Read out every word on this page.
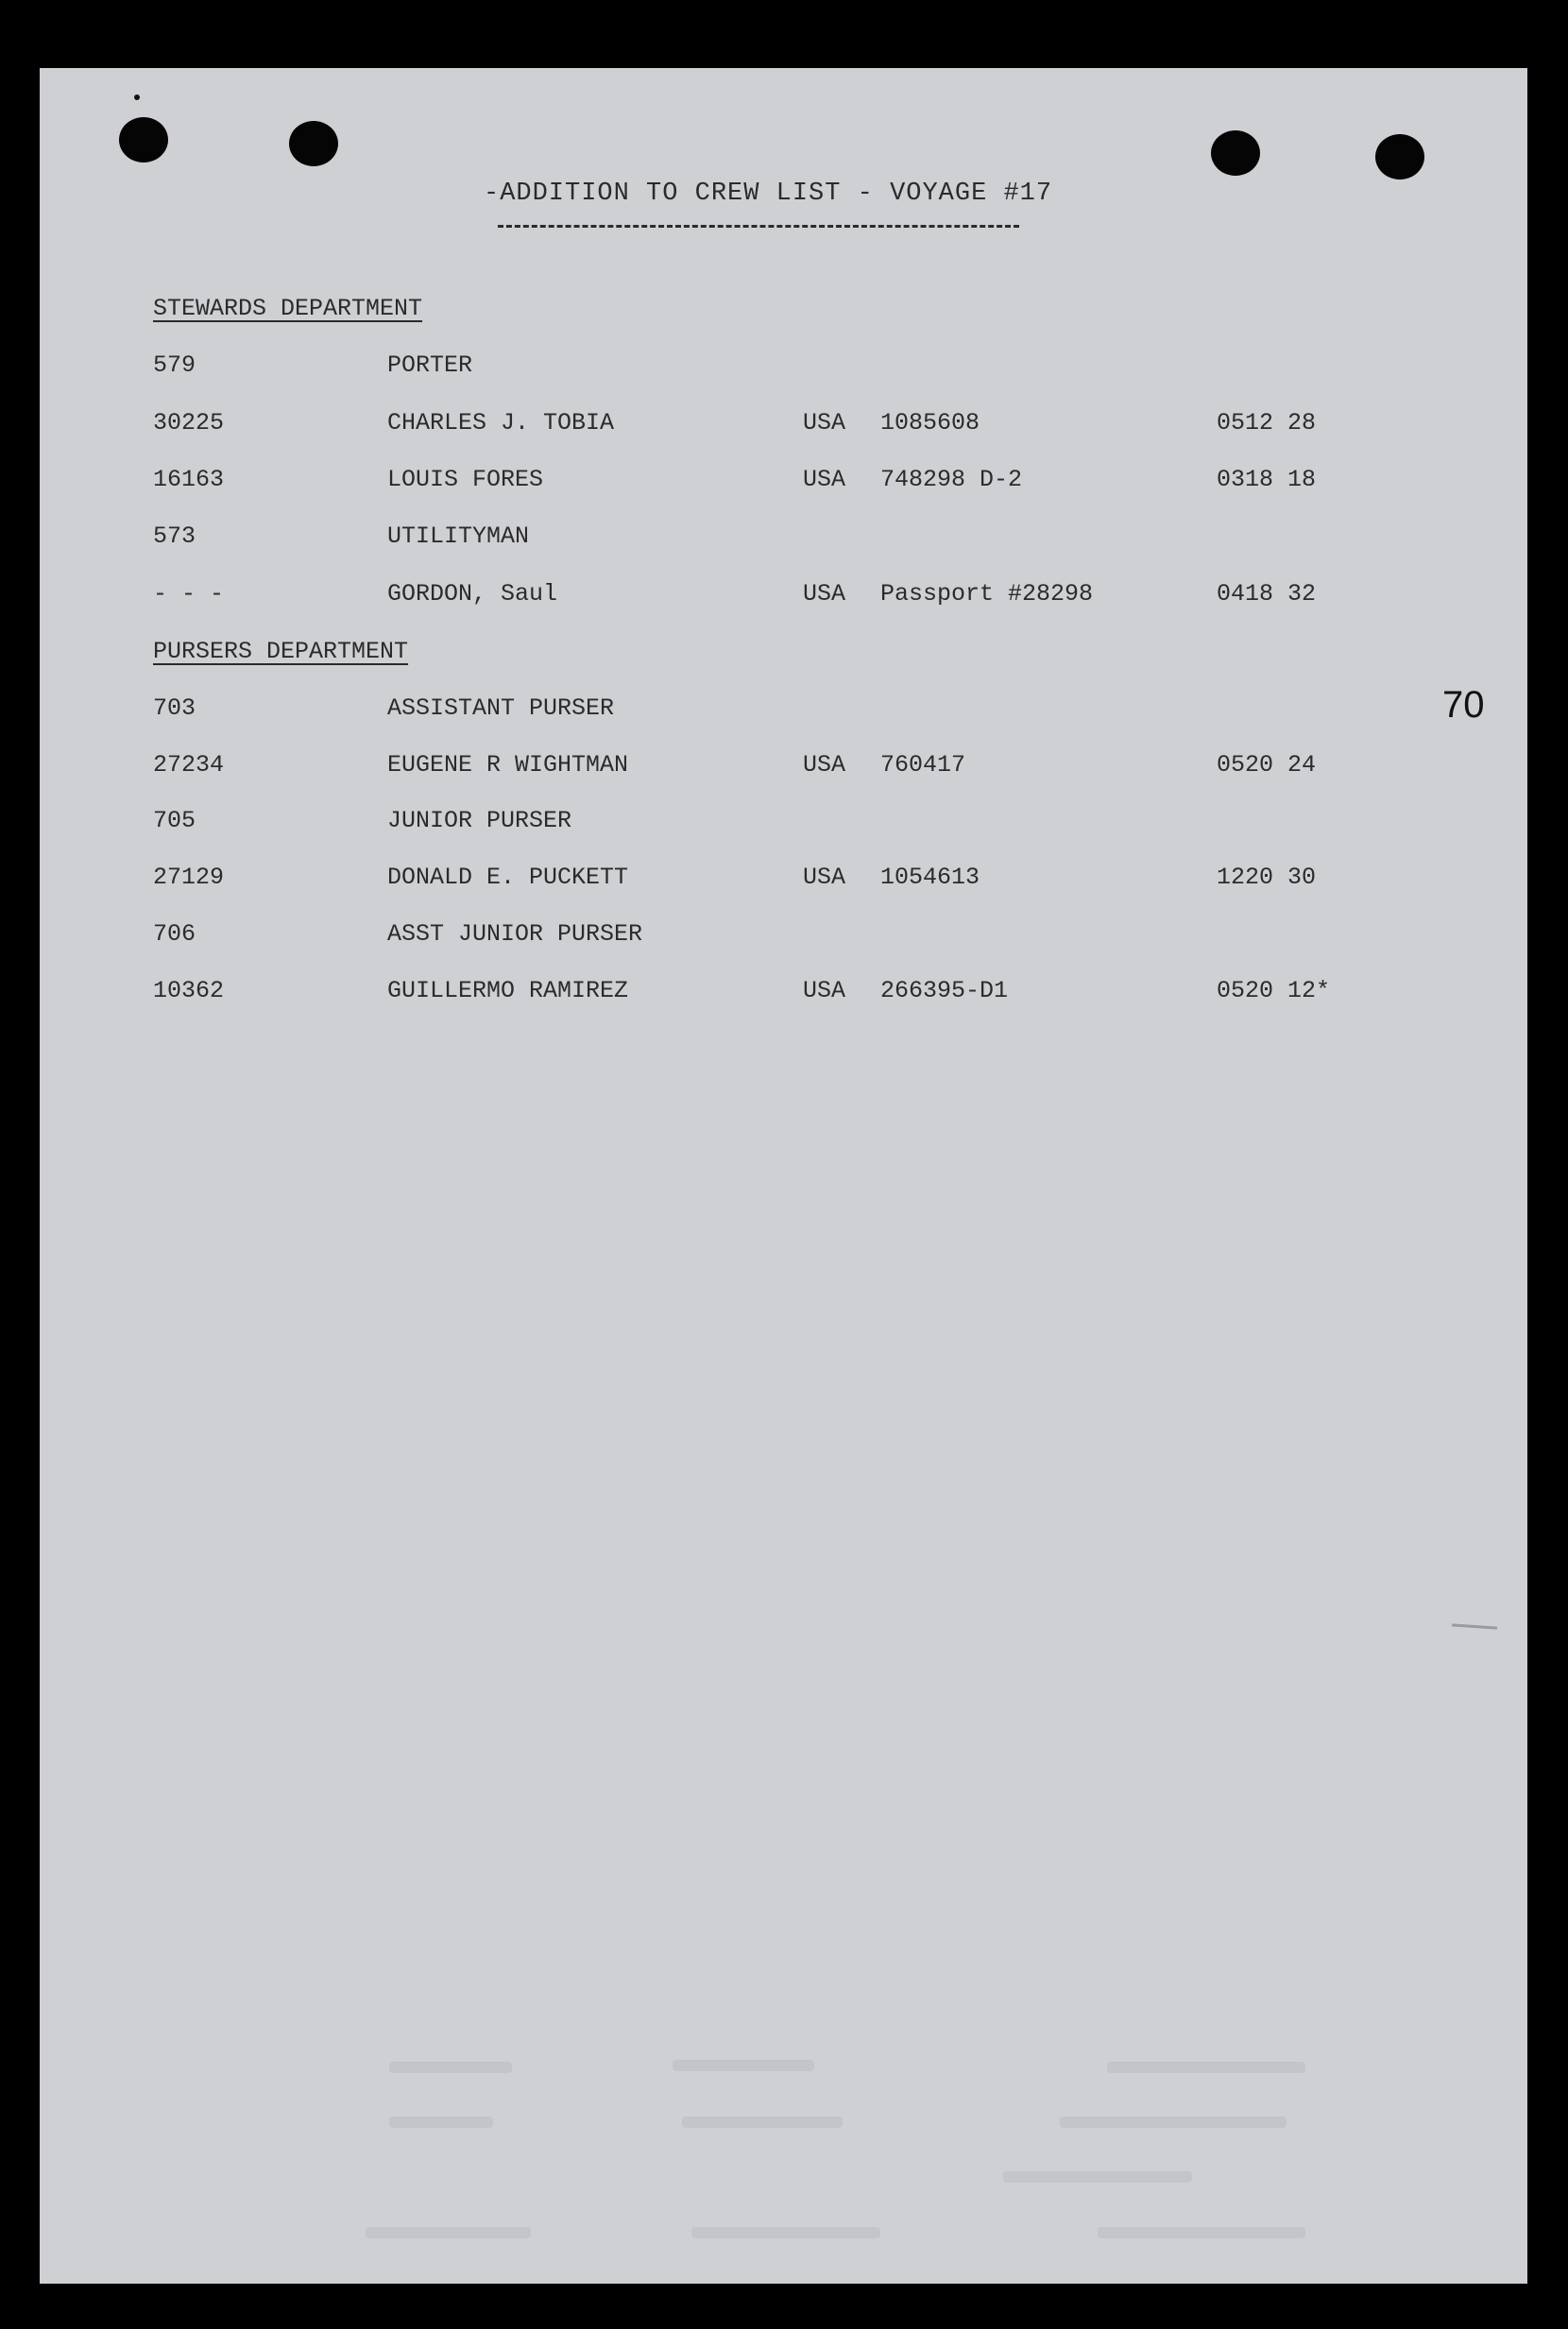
-ADDITION TO CREW LIST - VOYAGE #17
STEWARDS DEPARTMENT
579	PORTER
30225	CHARLES J. TOBIA	USA 1085608	0512 28
16163	LOUIS FORES	USA 748298 D-2	0318 18
573	UTILITYMAN
- - -	GORDON, Saul	USA Passport #28298	0418 32
PURSERS DEPARTMENT
703	ASSISTANT PURSER
27234	EUGENE R WIGHTMAN	USA 760417	0520 24
705	JUNIOR PURSER
27129	DONALD E. PUCKETT	USA 1054613	1220 30
706	ASST JUNIOR PURSER
10362	GUILLERMO RAMIREZ	USA 266395-D1	0520 12*
70
